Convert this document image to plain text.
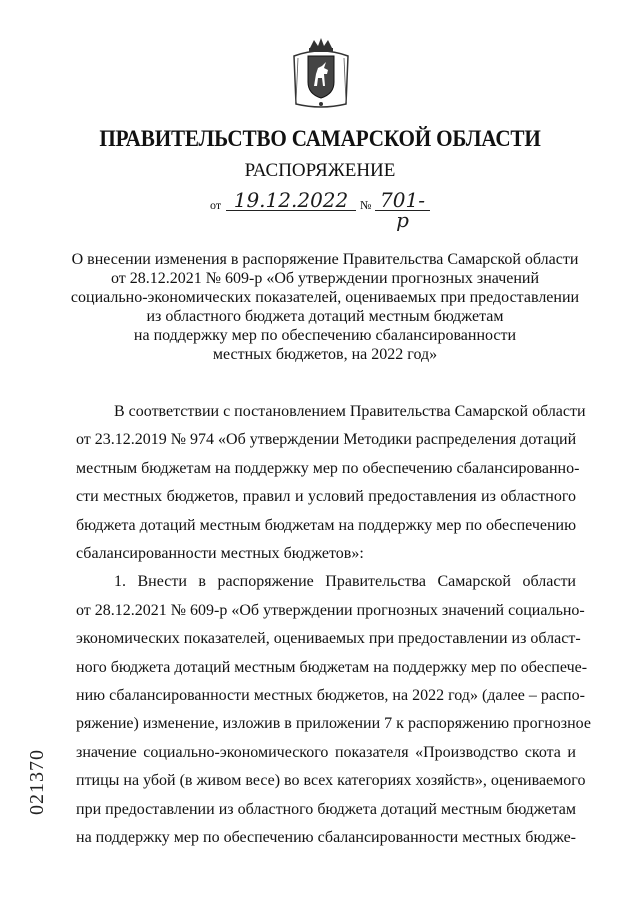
ПРАВИТЕЛЬСТВО САМАРСКОЙ ОБЛАСТИ
РАСПОРЯЖЕНИЕ
от 19.12.2022 № 701-р
О внесении изменения в распоряжение Правительства Самарской области
от 28.12.2021 № 609-р «Об утверждении прогнозных значений
социально-экономических показателей, оцениваемых при предоставлении
из областного бюджета дотаций местным бюджетам
на поддержку мер по обеспечению сбалансированности
местных бюджетов, на 2022 год»
В соответствии с постановлением Правительства Самарской области
от 23.12.2019 № 974 «Об утверждении Методики распределения дотаций
местным бюджетам на поддержку мер по обеспечению сбалансированно-
сти местных бюджетов, правил и условий предоставления из областного
бюджета дотаций местным бюджетам на поддержку мер по обеспечению
сбалансированности местных бюджетов»:
1. Внести в распоряжение Правительства Самарской области
от 28.12.2021 № 609-р «Об утверждении прогнозных значений социально-
экономических показателей, оцениваемых при предоставлении из област-
ного бюджета дотаций местным бюджетам на поддержку мер по обеспече-
нию сбалансированности местных бюджетов, на 2022 год» (далее – распо-
ряжение) изменение, изложив в приложении 7 к распоряжению прогнозное
значение социально-экономического показателя «Производство скота и
птицы на убой (в живом весе) во всех категориях хозяйств», оцениваемого
при предоставлении из областного бюджета дотаций местным бюджетам
на поддержку мер по обеспечению сбалансированности местных бюдже-
021370
